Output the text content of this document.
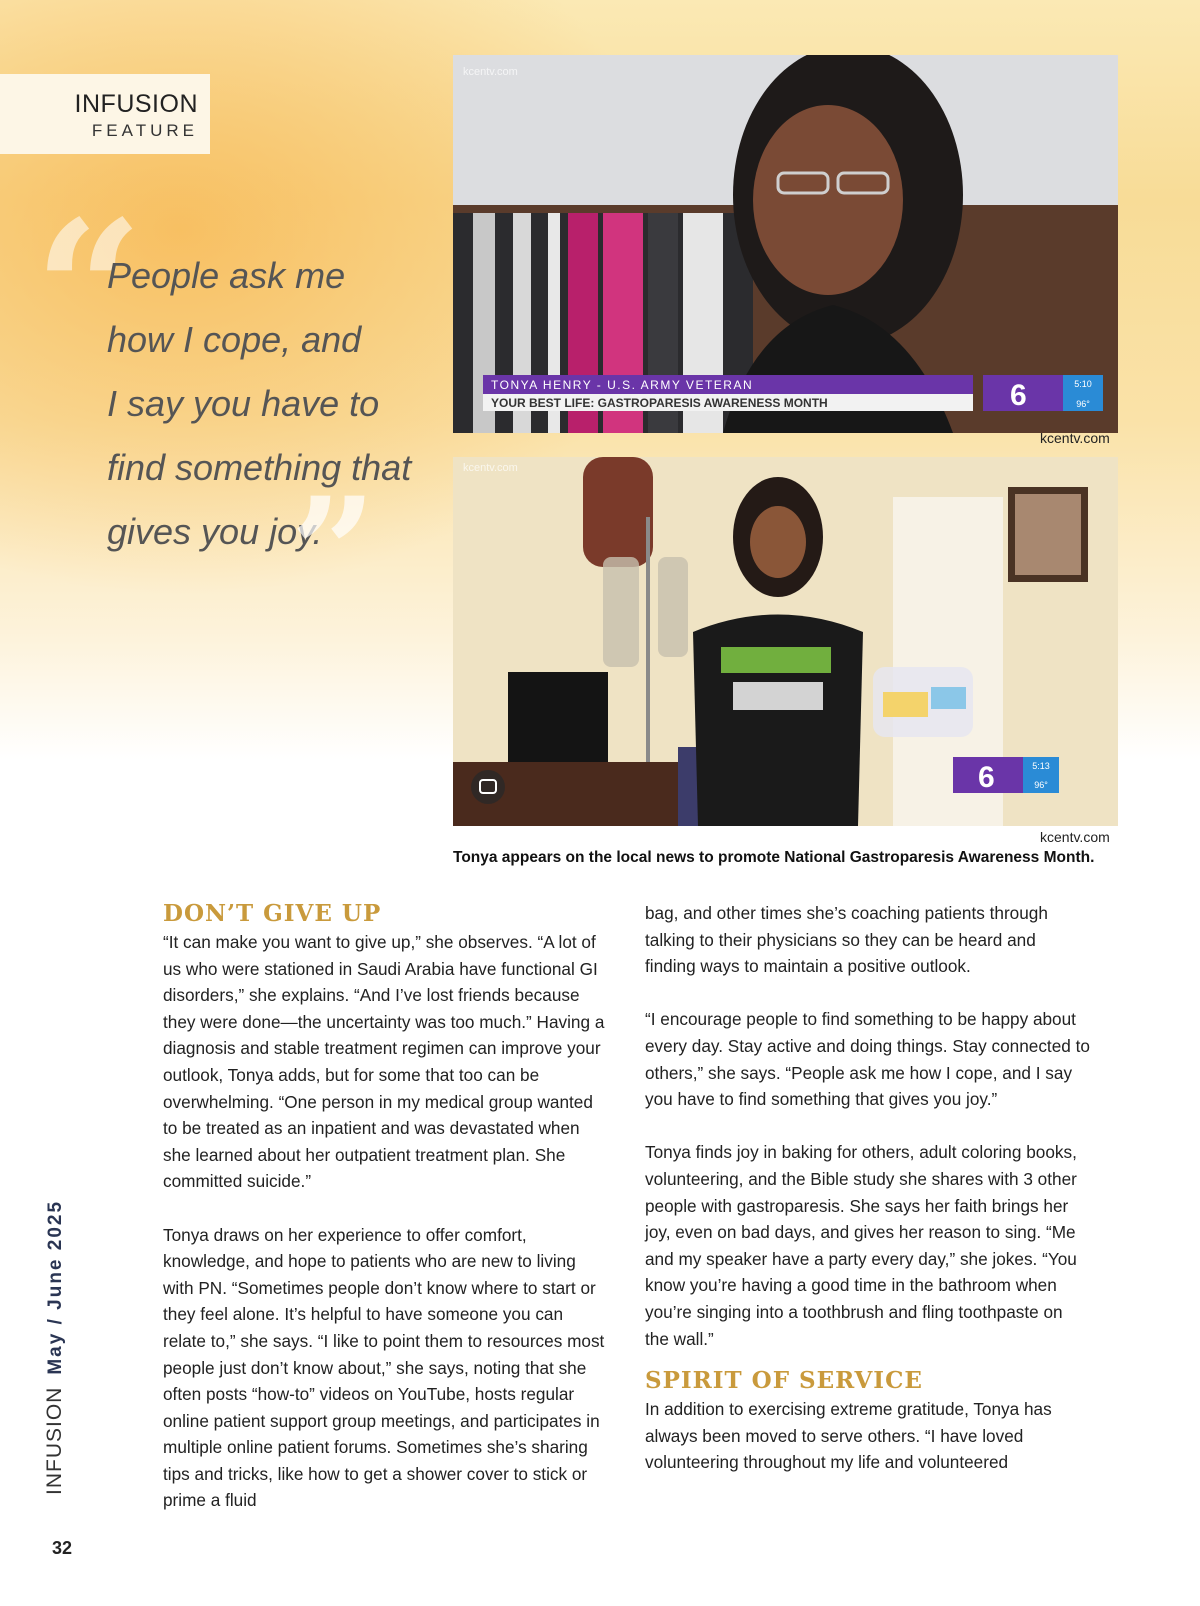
INFUSION
FEATURE
“
People ask me
how I cope, and
I say you have to
find something that
gives you joy.
”
TONYA HENRY - U.S. ARMY VETERAN
YOUR BEST LIFE: GASTROPARESIS AWARENESS MONTH	6	5:10
96°
kcentv.com
kcentv.com
6	5:13
96°
kcentv.com
kcentv.com
Tonya appears on the local news to promote National Gastroparesis Awareness Month.
DON’T GIVE UP

“It can make you want to give up,” she observes. “A lot of us who were stationed in Saudi Arabia have functional GI disorders,” she explains. “And I’ve lost friends because they were done—the uncertainty was too much.” Having a diagnosis and stable treatment regimen can improve your outlook, Tonya adds, but for some that too can be overwhelming. “One person in my medical group wanted to be treated as an inpatient and was devastated when she learned about her outpatient treatment plan. She committed suicide.”

Tonya draws on her experience to offer comfort, knowledge, and hope to patients who are new to living with PN. “Sometimes people don’t know where to start or they feel alone. It’s helpful to have someone you can relate to,” she says. “I like to point them to resources most people just don’t know about,” she says, noting that she often posts “how-to” videos on YouTube, hosts regular online patient support group meetings, and participates in multiple online patient forums. Sometimes she’s sharing tips and tricks, like how to get a shower cover to stick or prime a fluid

bag, and other times she’s coaching patients through talking to their physicians so they can be heard and finding ways to maintain a positive outlook.

“I encourage people to find something to be happy about every day. Stay active and doing things. Stay connected to others,” she says. “People ask me how I cope, and I say you have to find something that gives you joy.”

Tonya finds joy in baking for others, adult coloring books, volunteering, and the Bible study she shares with 3 other people with gastroparesis. She says her faith brings her joy, even on bad days, and gives her reason to sing. “Me and my speaker have a party every day,” she jokes. “You know you’re having a good time in the bathroom when you’re singing into a toothbrush and fling toothpaste on the wall.”

SPIRIT OF SERVICE

In addition to exercising extreme gratitude, Tonya has always been moved to serve others. “I have loved volunteering throughout my life and volunteered

INFUSIONMay / June 2025
32
